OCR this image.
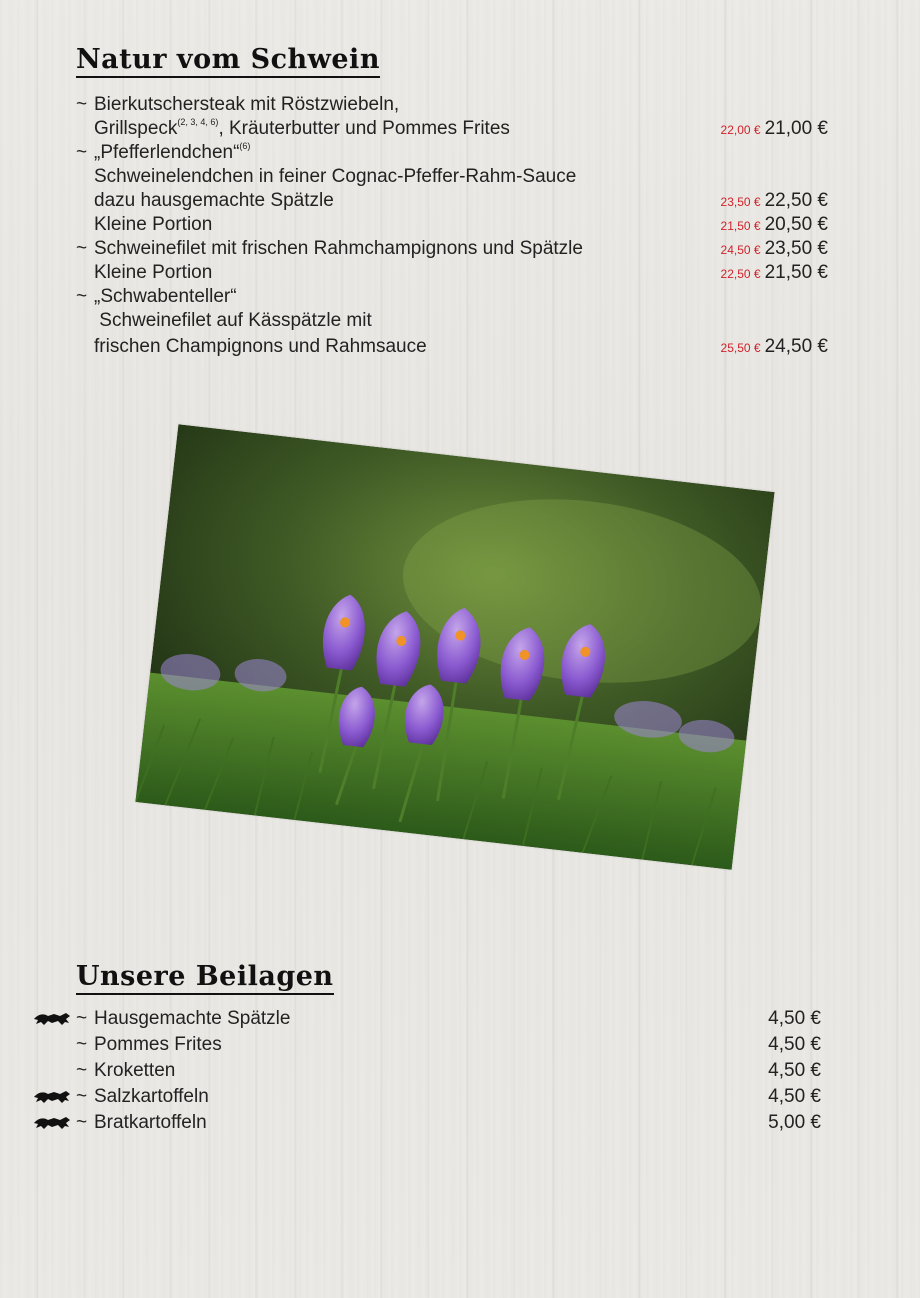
Natur vom Schwein
~ Bierkutschersteak mit Röstzwiebeln,
Grillspeck$^{(2, 3, 4, 6)}$, Kräuterbutter und Pommes Frites	22,00 € 21,00 €
~ „Pfefferlendchen“$^{(6)}$
Schweinelendchen in feiner Cognac-Pfeffer-Rahm-Sauce
dazu hausgemachte Spätzle	23,50 € 22,50 €
Kleine Portion	21,50 € 20,50 €
~ Schweinefilet mit frischen Rahmchampignons und Spätzle	24,50 € 23,50 €
Kleine Portion	22,50 € 21,50 €
~ „Schwabenteller“
Schweinefilet auf Kässpätzle mit
frischen Champignons und Rahmsauce	25,50 € 24,50 €
Unsere Beilagen
~ Hausgemachte Spätzle	4,50 €
~ Pommes Frites	4,50 €
~ Kroketten	4,50 €
~ Salzkartoffeln	4,50 €
~ Bratkartoffeln	5,00 €
